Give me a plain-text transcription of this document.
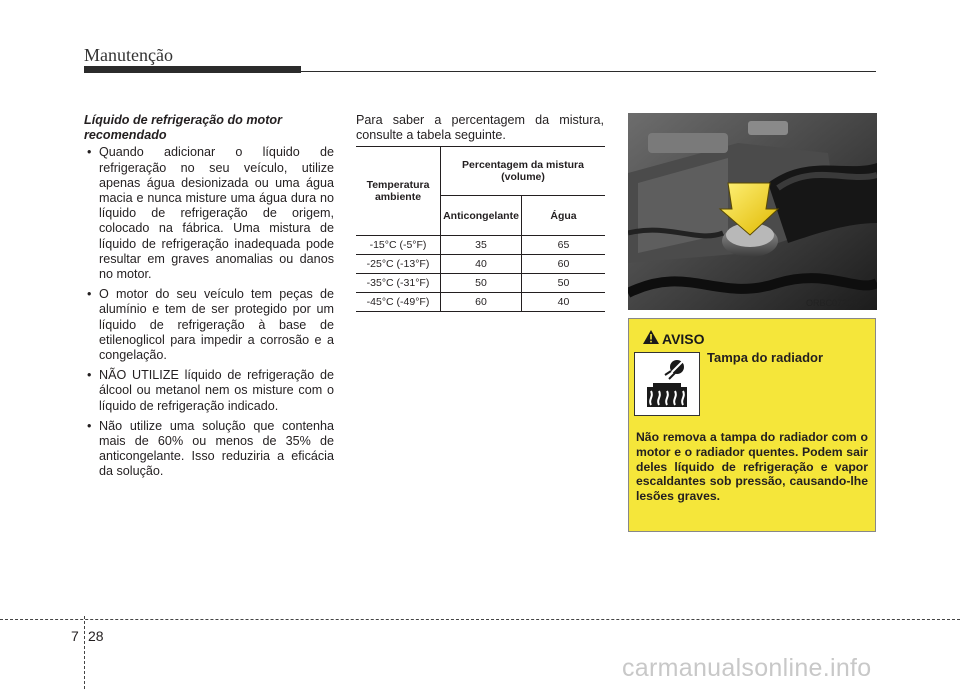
Manutenção
Líquido de refrigeração do motor recomendado
• Quando adicionar o líquido de refrigeração no seu veículo, utilize apenas água desionizada ou uma água macia e nunca misture uma água dura no líquido de refrigeração de origem, colocado na fábrica. Uma mistura de líquido de refrigeração inadequada pode resultar em graves anomalias ou danos no motor.
• O motor do seu veículo tem peças de alumínio e tem de ser protegido por um líquido de refrigeração à base de etilenoglicol para impedir a corrosão e a congelação.
• NÃO UTILIZE líquido de refrigeração de álcool ou metanol nem os misture com o líquido de refrigeração indicado.
• Não utilize uma solução que contenha mais de 60% ou menos de 35% de anticongelante. Isso reduziria a eficácia da solução.
Para saber a percentagem da mistura, consulte a tabela seguinte.
Temperatura ambiente	Percentagem da mistura (volume)	
	Anticongelante	Água
-15°C (-5°F)	35	65
-25°C (-13°F)	40	60
-35°C (-31°F)	50	50
-45°C (-49°F)	60	40	ORBC072006
AVISO
Tampa do radiador
Não remova a tampa do radiador com o motor e o radiador quentes. Podem sair deles líquido de refrigeração e vapor escaldantes sob pressão, causando-lhe lesões graves.
7 28
carmanualsonline.info
